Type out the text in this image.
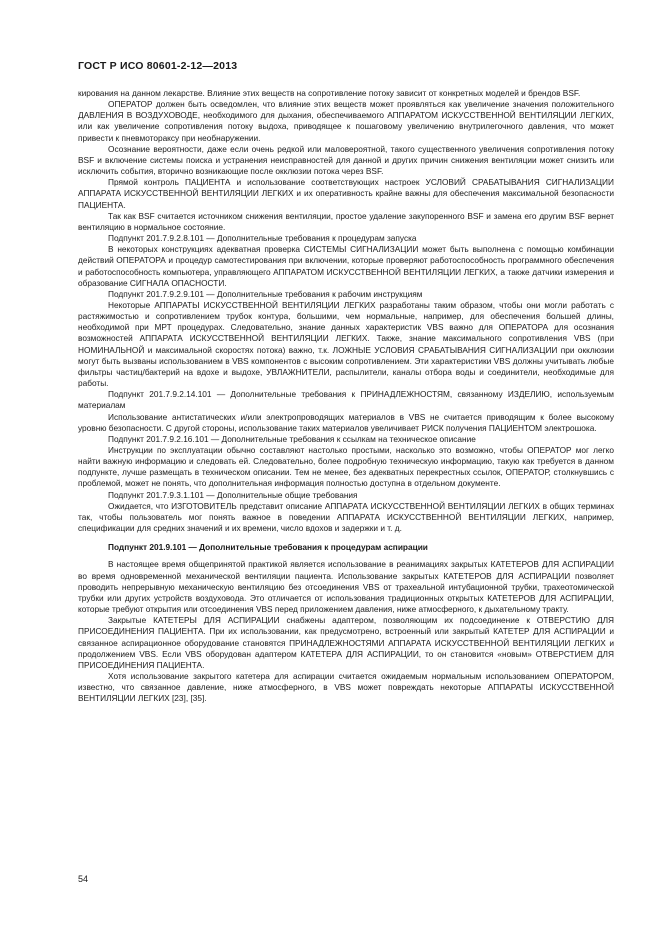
ГОСТ Р ИСО 80601-2-12—2013

кирования на данном лекарстве. Влияние этих веществ на сопротивление потоку зависит от конкретных моделей и брендов BSF.

ОПЕРАТОР должен быть осведомлен, что влияние этих веществ может проявляться как увеличение значения положительного ДАВЛЕНИЯ В ВОЗДУХОВОДЕ, необходимого для дыхания, обеспечиваемого АППАРАТОМ ИСКУССТВЕННОЙ ВЕНТИЛЯЦИИ ЛЕГКИХ, или как увеличение сопротивления потоку выдоха, приводящее к пошаговому увеличению внутрилегочного давления, что может привести к пневмотораксу при необнаружении.

Осознание вероятности, даже если очень редкой или маловероятной, такого существенного увеличения сопротивления потоку BSF и включение системы поиска и устранения неисправностей для данной и других причин снижения вентиляции может снизить или исключить события, вторично возникающие после окклюзии потока через BSF.

Прямой контроль ПАЦИЕНТА и использование соответствующих настроек УСЛОВИЙ СРАБАТЫВАНИЯ СИГНАЛИЗАЦИИ АППАРАТА ИСКУССТВЕННОЙ ВЕНТИЛЯЦИИ ЛЕГКИХ и их оперативность крайне важны для обеспечения максимальной безопасности ПАЦИЕНТА.

Так как BSF считается источником снижения вентиляции, простое удаление закупоренного BSF и замена его другим BSF вернет вентиляцию в нормальное состояние.

Подпункт 201.7.9.2.8.101 — Дополнительные требования к процедурам запуска

В некоторых конструкциях адекватная проверка СИСТЕМЫ СИГНАЛИЗАЦИИ может быть выполнена с помощью комбинации действий ОПЕРАТОРА и процедур самотестирования при включении, которые проверяют работоспособность программного обеспечения и работоспособность компьютера, управляющего АППАРАТОМ ИСКУССТВЕННОЙ ВЕНТИЛЯЦИИ ЛЕГКИХ, а также датчики измерения и образование СИГНАЛА ОПАСНОСТИ.

Подпункт 201.7.9.2.9.101 — Дополнительные требования к рабочим инструкциям

Некоторые АППАРАТЫ ИСКУССТВЕННОЙ ВЕНТИЛЯЦИИ ЛЕГКИХ разработаны таким образом, чтобы они могли работать с растяжимостью и сопротивлением трубок контура, большими, чем нормальные, например, для обеспечения большей длины, необходимой при МРТ процедурах. Следовательно, знание данных характеристик VBS важно для ОПЕРАТОРА для осознания возможностей АППАРАТА ИСКУССТВЕННОЙ ВЕНТИЛЯЦИИ ЛЕГКИХ. Также, знание максимального сопротивления VBS (при НОМИНАЛЬНОЙ и максимальной скоростях потока) важно, т.к. ЛОЖНЫЕ УСЛОВИЯ СРАБАТЫВАНИЯ СИГНАЛИЗАЦИИ при окклюзии могут быть вызваны использованием в VBS компонентов с высоким сопротивлением. Эти характеристики VBS должны учитывать любые фильтры частиц/бактерий на вдохе и выдохе, УВЛАЖНИТЕЛИ, распылители, каналы отбора воды и соединители, необходимые для работы.

Подпункт 201.7.9.2.14.101 — Дополнительные требования к ПРИНАДЛЕЖНОСТЯМ, связанному ИЗДЕЛИЮ, используемым материалам

Использование антистатических и/или электропроводящих материалов в VBS не считается приводящим к более высокому уровню безопасности. С другой стороны, использование таких материалов увеличивает РИСК получения ПАЦИЕНТОМ электрошока.

Подпункт 201.7.9.2.16.101 — Дополнительные требования к ссылкам на техническое описание

Инструкции по эксплуатации обычно составляют настолько простыми, насколько это возможно, чтобы ОПЕРАТОР мог легко найти важную информацию и следовать ей. Следовательно, более подробную техническую информацию, такую как требуется в данном подпункте, лучше размещать в техническом описании. Тем не менее, без адекватных перекрестных ссылок, ОПЕРАТОР, столкнувшись с проблемой, может не понять, что дополнительная информация полностью доступна в отдельном документе.

Подпункт 201.7.9.3.1.101 — Дополнительные общие требования

Ожидается, что ИЗГОТОВИТЕЛЬ представит описание АППАРАТА ИСКУССТВЕННОЙ ВЕНТИЛЯЦИИ ЛЕГКИХ в общих терминах так, чтобы пользователь мог понять важное в поведении АППАРАТА ИСКУССТВЕННОЙ ВЕНТИЛЯЦИИ ЛЕГКИХ, например, спецификации для средних значений и их времени, число вдохов и задержки и т. д.

Подпункт 201.9.101 — Дополнительные требования к процедурам аспирации

В настоящее время общепринятой практикой является использование в реанимациях закрытых КАТЕТЕРОВ ДЛЯ АСПИРАЦИИ во время одновременной механической вентиляции пациента. Использование закрытых КАТЕТЕРОВ ДЛЯ АСПИРАЦИИ позволяет проводить непрерывную механическую вентиляцию без отсоединения VBS от трахеальной интубационной трубки, трахеотомической трубки или других устройств воздуховода. Это отличается от использования традиционных открытых КАТЕТЕРОВ ДЛЯ АСПИРАЦИИ, которые требуют открытия или отсоединения VBS перед приложением давления, ниже атмосферного, к дыхательному тракту.

Закрытые КАТЕТЕРЫ ДЛЯ АСПИРАЦИИ снабжены адаптером, позволяющим их подсоединение к ОТВЕРСТИЮ ДЛЯ ПРИСОЕДИНЕНИЯ ПАЦИЕНТА. При их использовании, как предусмотрено, встроенный или закрытый КАТЕТЕР ДЛЯ АСПИРАЦИИ и связанное аспирационное оборудование становятся ПРИНАДЛЕЖНОСТЯМИ АППАРАТА ИСКУССТВЕННОЙ ВЕНТИЛЯЦИИ ЛЕГКИХ и продолжением VBS. Если VBS оборудован адаптером КАТЕТЕРА ДЛЯ АСПИРАЦИИ, то он становится «новым» ОТВЕРСТИЕМ ДЛЯ ПРИСОЕДИНЕНИЯ ПАЦИЕНТА.

Хотя использование закрытого катетера для аспирации считается ожидаемым нормальным использованием ОПЕРАТОРОМ, известно, что связанное давление, ниже атмосферного, в VBS может повреждать некоторые АППАРАТЫ ИСКУССТВЕННОЙ ВЕНТИЛЯЦИИ ЛЕГКИХ [23], [35].

54
